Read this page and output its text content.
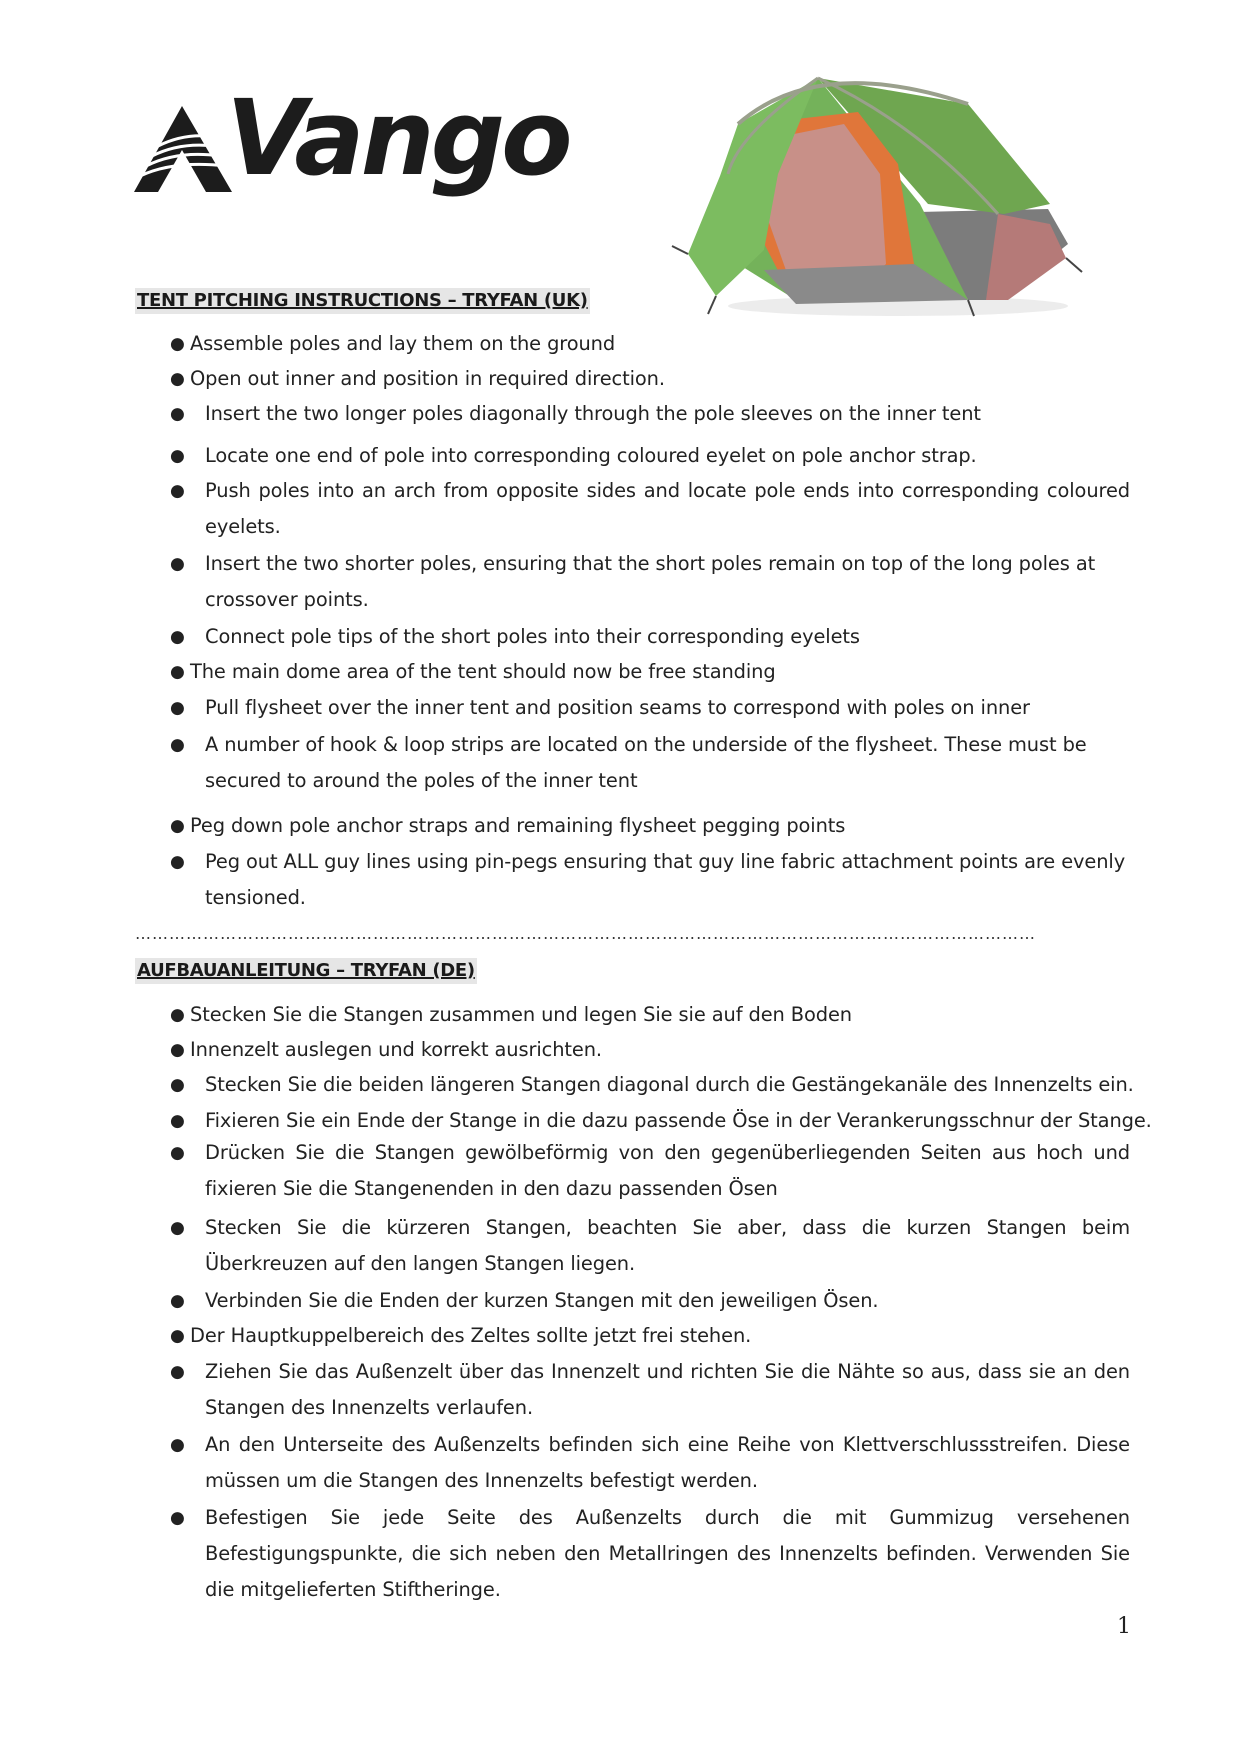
Vango
TENT PITCHING INSTRUCTIONS – TRYFAN (UK)
● Assemble poles and lay them on the ground
● Open out inner and position in required direction.
● Insert the two longer poles diagonally through the pole sleeves on the inner tent
● Locate one end of pole into corresponding coloured eyelet on pole anchor strap.
● Push poles into an arch from opposite sides and locate pole ends into corresponding coloured eyelets.
● Insert the two shorter poles, ensuring that the short poles remain on top of the long poles at crossover points.
● Connect pole tips of the short poles into their corresponding eyelets
● The main dome area of the tent should now be free standing
● Pull flysheet over the inner tent and position seams to correspond with poles on inner
● A number of hook & loop strips are located on the underside of the flysheet. These must be secured to around the poles of the inner tent
● Peg down pole anchor straps and remaining flysheet pegging points
● Peg out ALL guy lines using pin-pegs ensuring that guy line fabric attachment points are evenly tensioned.
……………………………………………………………………………………………………………………………………………
AUFBAUANLEITUNG – TRYFAN (DE)
● Stecken Sie die Stangen zusammen und legen Sie sie auf den Boden
● Innenzelt auslegen und korrekt ausrichten.
● Stecken Sie die beiden längeren Stangen diagonal durch die Gestängekanäle des Innenzelts ein.
● Fixieren Sie ein Ende der Stange in die dazu passende Öse in der Verankerungsschnur der Stange.
● Drücken Sie die Stangen gewölbeförmig von den gegenüberliegenden Seiten aus hoch und fixieren Sie die Stangenenden in den dazu passenden Ösen
● Stecken Sie die kürzeren Stangen, beachten Sie aber, dass die kurzen Stangen beim Überkreuzen auf den langen Stangen liegen.
● Verbinden Sie die Enden der kurzen Stangen mit den jeweiligen Ösen.
● Der Hauptkuppelbereich des Zeltes sollte jetzt frei stehen.
● Ziehen Sie das Außenzelt über das Innenzelt und richten Sie die Nähte so aus, dass sie an den Stangen des Innenzelts verlaufen.
● An den Unterseite des Außenzelts befinden sich eine Reihe von Klettverschlussstreifen. Diese müssen um die Stangen des Innenzelts befestigt werden.
● Befestigen Sie jede Seite des Außenzelts durch die mit Gummizug versehenen Befestigungspunkte, die sich neben den Metallringen des Innenzelts befinden. Verwenden Sie die mitgelieferten Stiftheringe.
1
